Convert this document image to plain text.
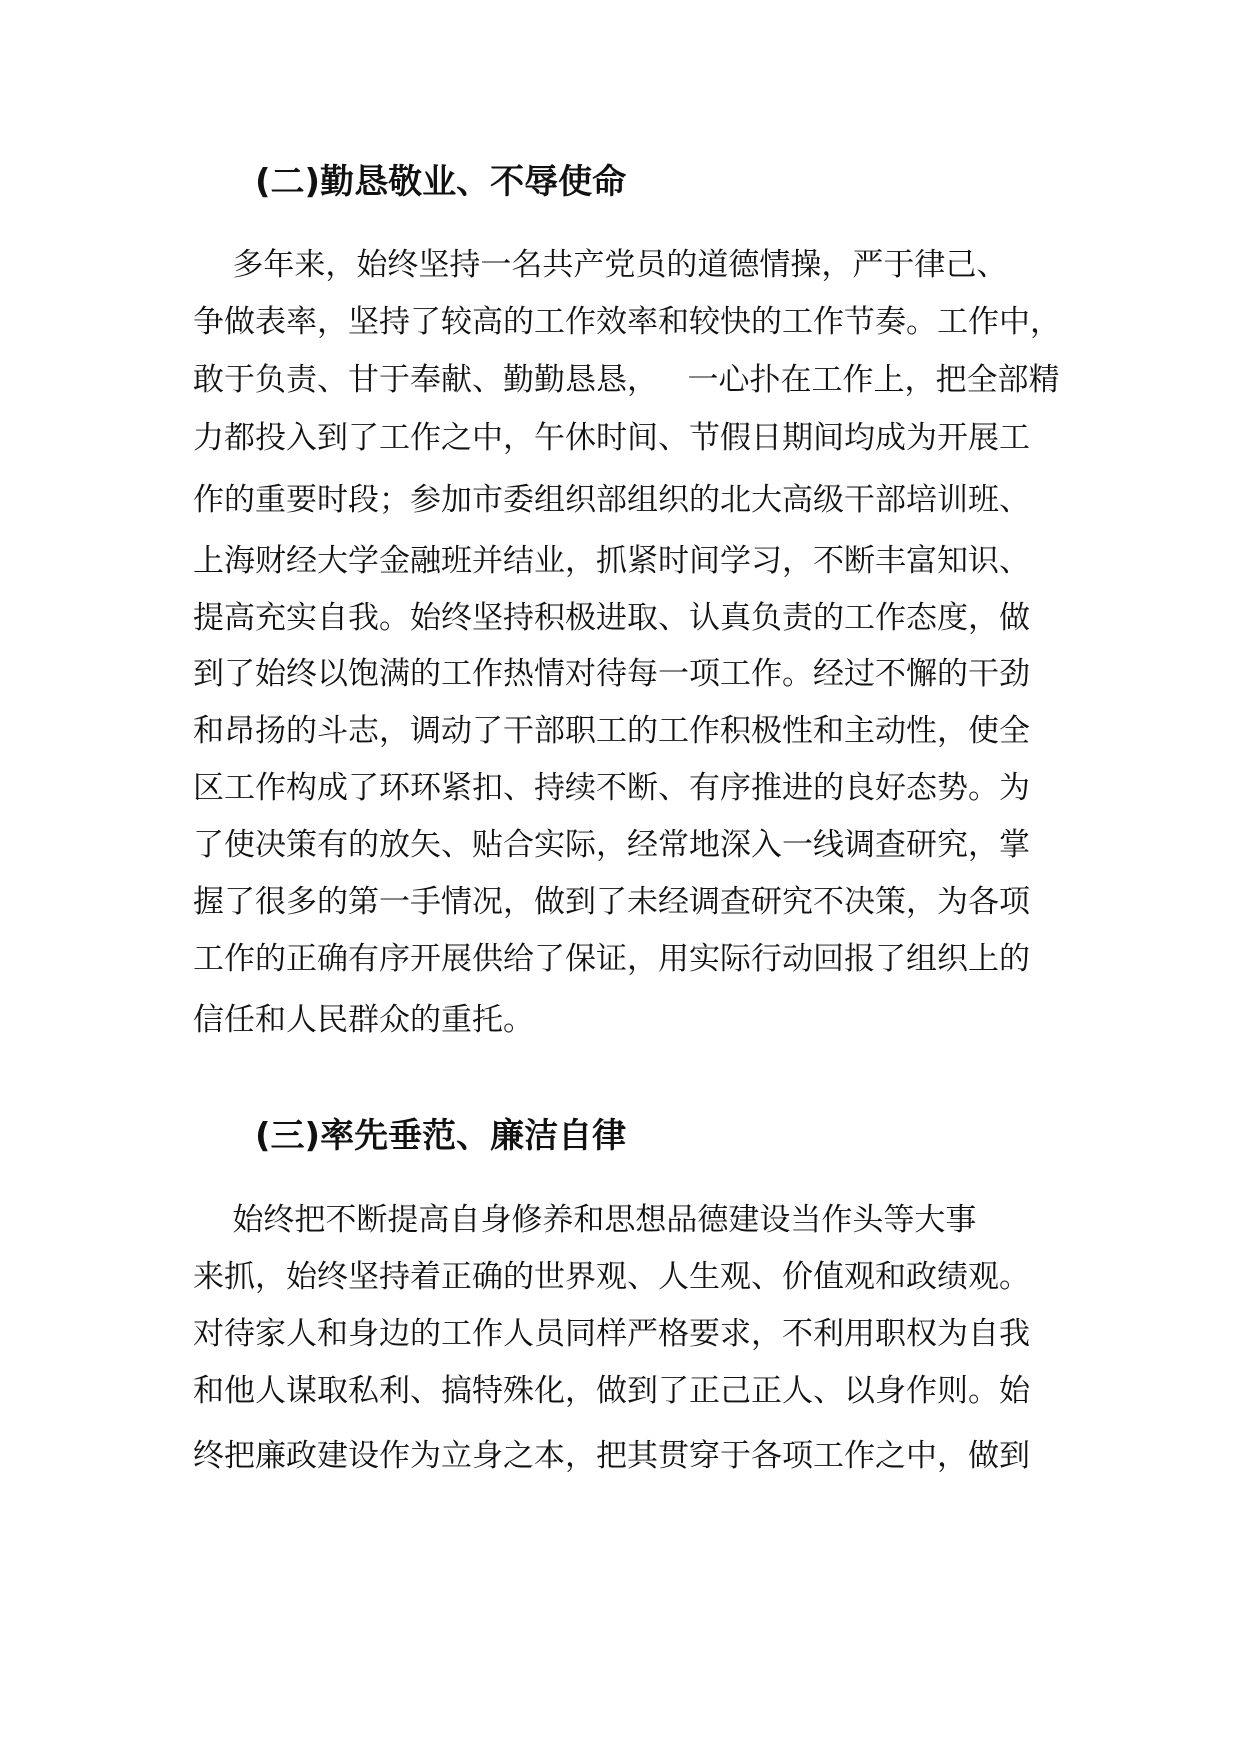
(二)勤恳敬业、不辱使命
多年来，始终坚持一名共产党员的道德情操，严于律己、
争做表率，坚持了较高的工作效率和较快的工作节奏。工作中，
敢于负责、甘于奉献、勤勤恳恳，   一心扑在工作上，把全部精
力都投入到了工作之中，午休时间、节假日期间均成为开展工
作的重要时段；参加市委组织部组织的北大高级干部培训班、
上海财经大学金融班并结业，抓紧时间学习，不断丰富知识、
提高充实自我。始终坚持积极进取、认真负责的工作态度，做
到了始终以饱满的工作热情对待每一项工作。经过不懈的干劲
和昂扬的斗志，调动了干部职工的工作积极性和主动性，使全
区工作构成了环环紧扣、持续不断、有序推进的良好态势。为
了使决策有的放矢、贴合实际，经常地深入一线调查研究，掌
握了很多的第一手情况，做到了未经调查研究不决策，为各项
工作的正确有序开展供给了保证，用实际行动回报了组织上的
信任和人民群众的重托。
(三)率先垂范、廉洁自律
始终把不断提高自身修养和思想品德建设当作头等大事
来抓，始终坚持着正确的世界观、人生观、价值观和政绩观。
对待家人和身边的工作人员同样严格要求，不利用职权为自我
和他人谋取私利、搞特殊化，做到了正己正人、以身作则。始
终把廉政建设作为立身之本，把其贯穿于各项工作之中，做到
